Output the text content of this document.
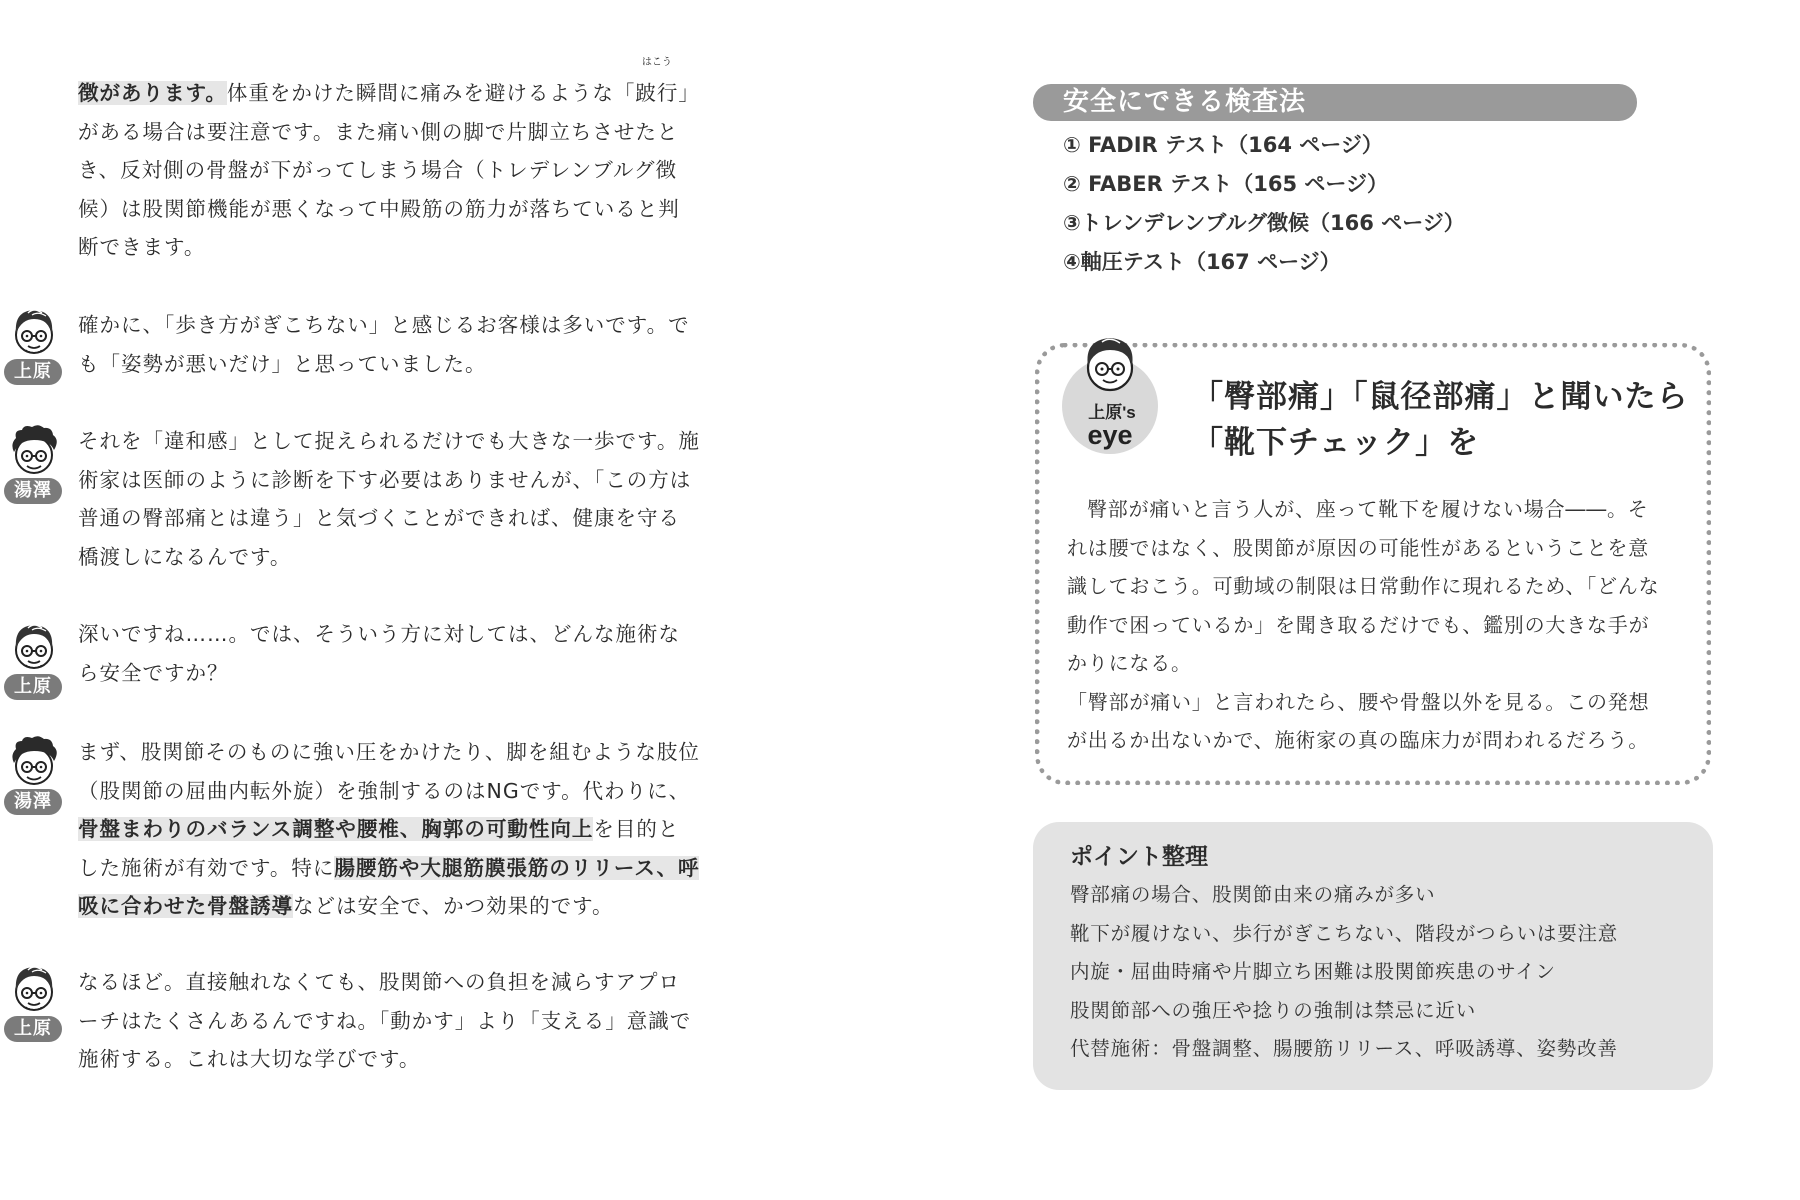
徴があります。体重をかけた瞬間に痛みを避けるような「
はこう
跛行」がある場合は要注意です。また痛い側の脚で片脚立ちさせたとき、反対側の骨盤が下がってしまう場合（トレデレンブルグ徴候）は股関節機能が悪くなって中殿筋の筋力が落ちていると判断できます。
上原
確かに、「歩き方がぎこちない」と感じるお客様は多いです。でも「姿勢が悪いだけ」と思っていました。
湯澤
それを「違和感」として捉えられるだけでも大きな一歩です。施術家は医師のように診断を下す必要はありませんが、「この方は普通の臀部痛とは違う」と気づくことができれば、健康を守る橋渡しになるんです。
上原
深いですね……。では、そういう方に対しては、どんな施術なら安全ですか？
湯澤
まず、股関節そのものに強い圧をかけたり、脚を組むような肢位（股関節の屈曲内転外旋）を強制するのはNGです。代わりに、骨盤まわりのバランス調整や腰椎、胸郭の可動性向上を目的とした施術が有効です。特に腸腰筋や大腿筋膜張筋のリリース、呼吸に合わせた骨盤誘導などは安全で、かつ効果的です。
上原
なるほど。直接触れなくても、股関節への負担を減らすアプローチはたくさんあるんですね。「動かす」より「支える」意識で施術する。これは大切な学びです。
安全にできる検査法
① FADIR テスト（164 ページ）
② FABER テスト（165 ページ）
③トレンデレンブルグ徴候（166 ページ）
④軸圧テスト（167 ページ）
上原's
eye
「臀部痛」「鼠径部痛」と聞いたら
「靴下チェック」を

臀部が痛いと言う人が、座って靴下を履けない場合――。それは腰ではなく、股関節が原因の可能性があるということを意識しておこう。可動域の制限は日常動作に現れるため、「どんな動作で困っているか」を聞き取るだけでも、鑑別の大きな手がかりになる。

「臀部が痛い」と言われたら、腰や骨盤以外を見る。この発想が出るか出ないかで、施術家の真の臨床力が問われるだろう。

ポイント整理
臀部痛の場合、股関節由来の痛みが多い
靴下が履けない、歩行がぎこちない、階段がつらいは要注意
内旋・屈曲時痛や片脚立ち困難は股関節疾患のサイン
股関節部への強圧や捻りの強制は禁忌に近い
代替施術：骨盤調整、腸腰筋リリース、呼吸誘導、姿勢改善
